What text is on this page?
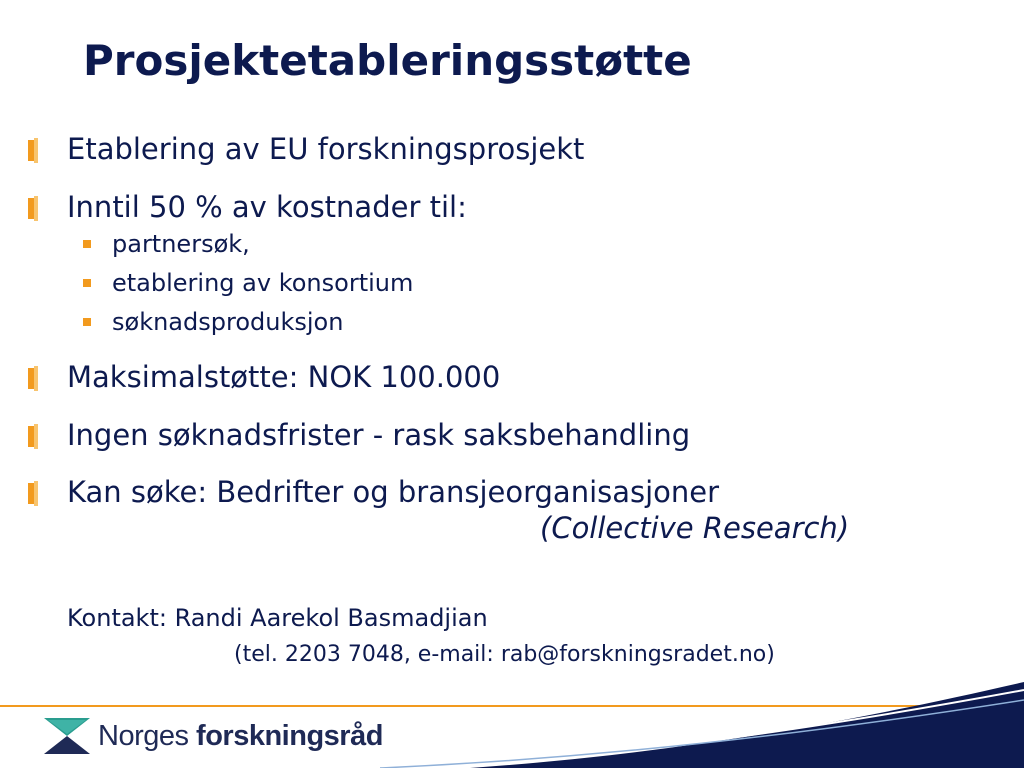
Prosjektetableringsstøtte
Etablering av EU forskningsprosjekt
Inntil 50 % av kostnader til:
partnersøk,
etablering av konsortium
søknadsproduksjon
Maksimalstøtte: NOK 100.000
Ingen søknadsfrister - rask saksbehandling
Kan søke: Bedrifter og bransjeorganisasjoner
(Collective Research)
Kontakt: Randi Aarekol Basmadjian
(tel. 2203 7048, e-mail: rab@forskningsradet.no)
Norges forskningsråd
